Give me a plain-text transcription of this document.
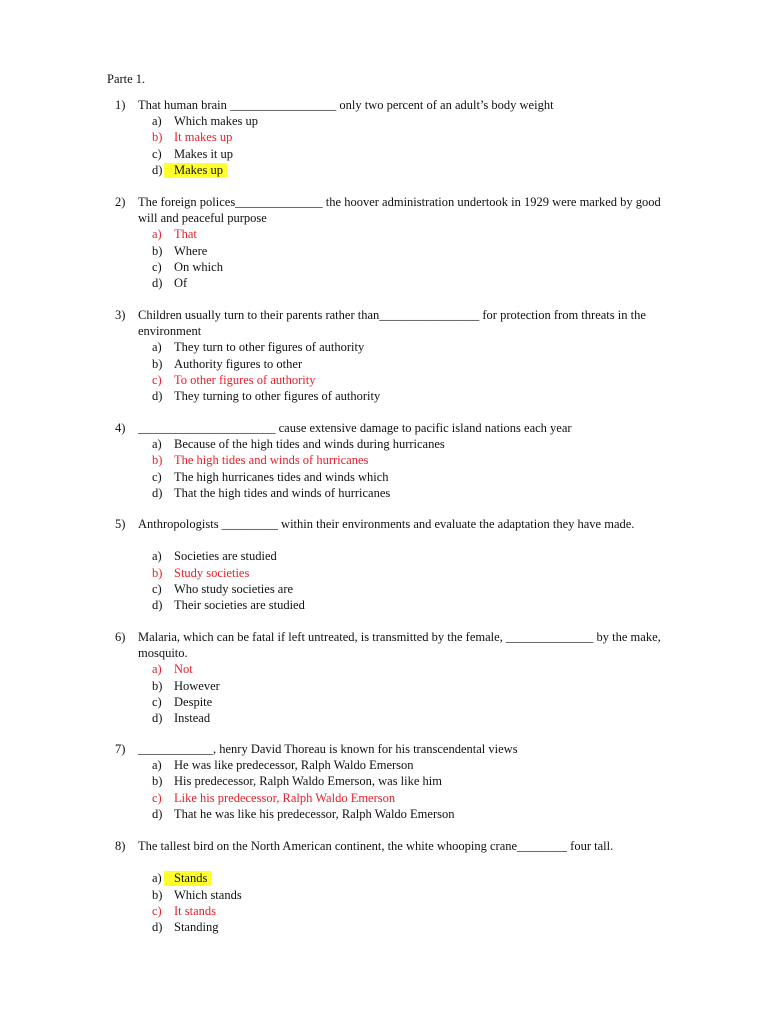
Parte 1.
1) That human brain _________________ only two percent of an adult’s body weight
a) Which makes up
b) It makes up
c) Makes it up
d) Makes up
2) The foreign polices______________ the hoover administration undertook in 1929 were marked by good will and peaceful purpose
a) That
b) Where
c) On which
d) Of
3) Children usually turn to their parents rather than________________ for protection from threats in the environment
a) They turn to other figures of authority
b) Authority figures to other
c) To other figures of authority
d) They turning to other figures of authority
4) ______________________ cause extensive damage to pacific island nations each year
a) Because of the high tides and winds during hurricanes
b) The high tides and winds of hurricanes
c) The high hurricanes tides and winds which
d) That the high tides and winds of hurricanes
5) Anthropologists _________ within their environments and evaluate the adaptation they have made.
a) Societies are studied
b) Study societies
c) Who study societies are
d) Their societies are studied
6) Malaria, which can be fatal if left untreated, is transmitted by the female, ______________ by the make, mosquito.
a) Not
b) However
c) Despite
d) Instead
7) ____________, henry David Thoreau is known for his transcendental views
a) He was like predecessor, Ralph Waldo Emerson
b) His predecessor, Ralph Waldo Emerson, was like him
c) Like his predecessor, Ralph Waldo Emerson
d) That he was like his predecessor, Ralph Waldo Emerson
8) The tallest bird on the North American continent, the white whooping crane________ four tall.
a) Stands
b) Which stands
c) It stands
d) Standing
